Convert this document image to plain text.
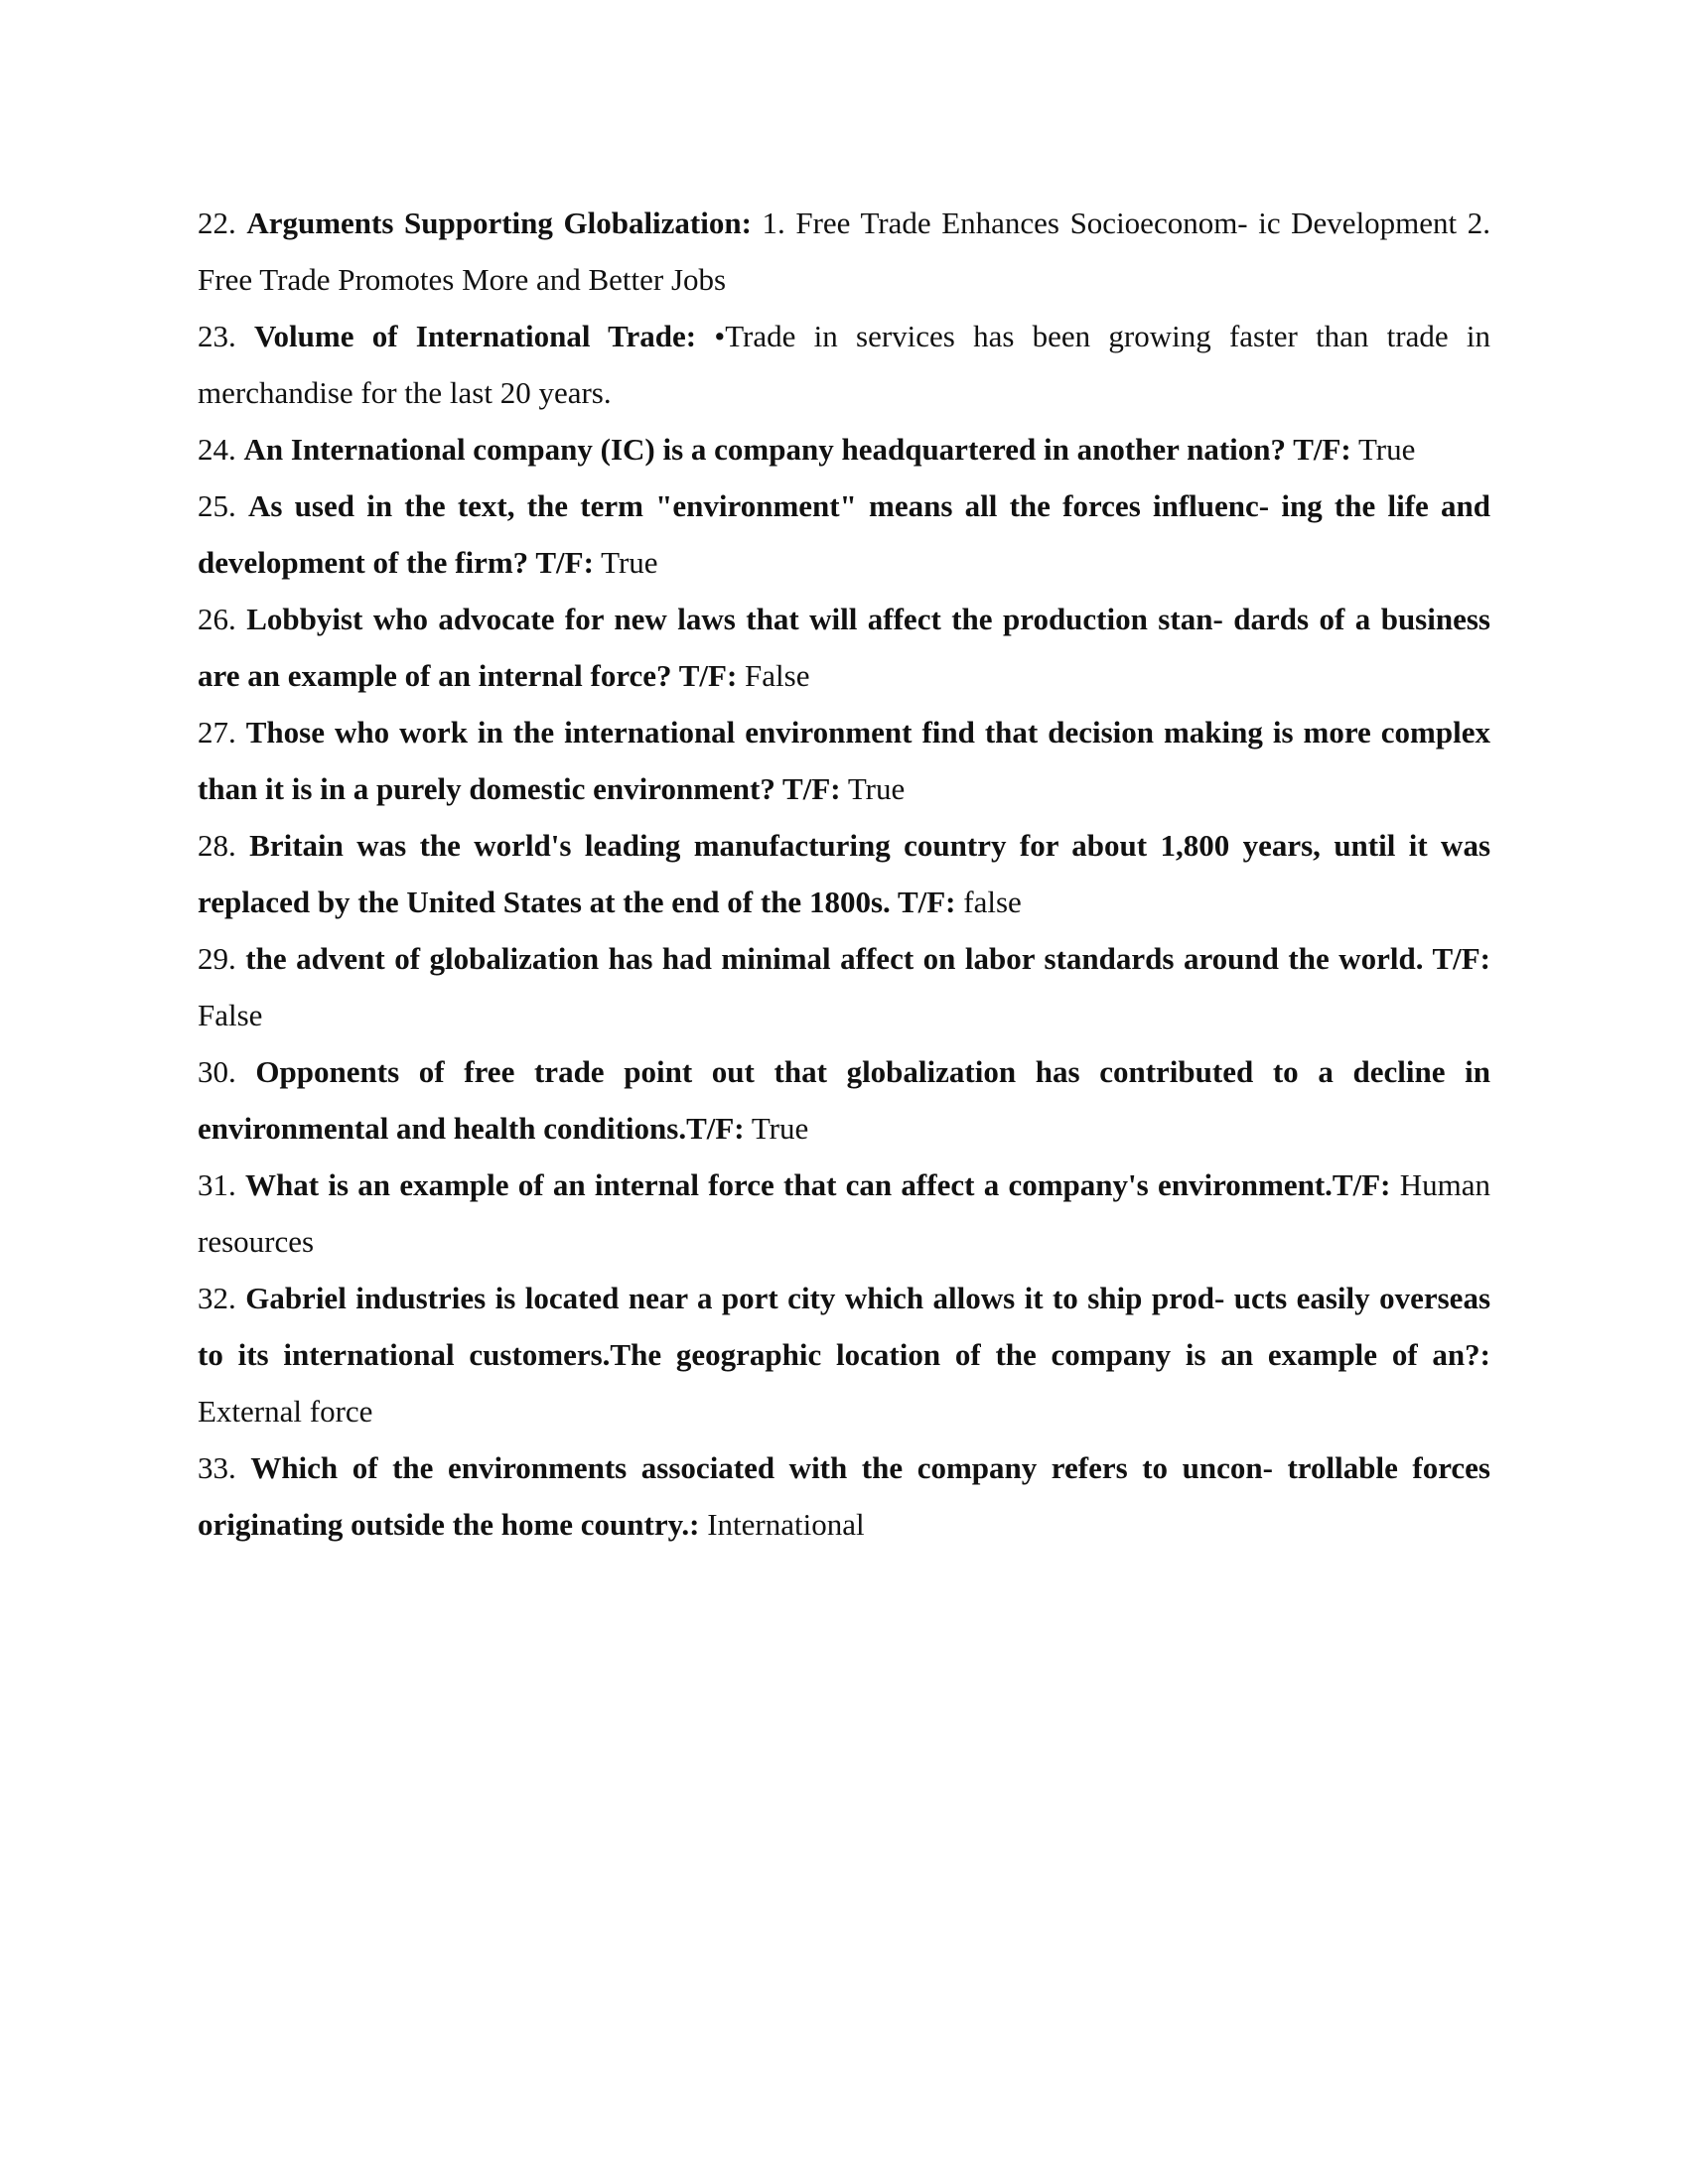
22. Arguments Supporting Globalization: 1. Free Trade Enhances Socioeconom- ic Development 2. Free Trade Promotes More and Better Jobs

23. Volume of International Trade: •Trade in services has been growing faster than trade in merchandise for the last 20 years.

24. An International company (IC) is a company headquartered in another nation? T/F: True

25. As used in the text, the term "environment" means all the forces influenc- ing the life and development of the firm? T/F: True

26. Lobbyist who advocate for new laws that will affect the production stan- dards of a business are an example of an internal force? T/F: False

27. Those who work in the international environment find that decision making is more complex than it is in a purely domestic environment? T/F: True

28. Britain was the world's leading manufacturing country for about 1,800 years, until it was replaced by the United States at the end of the 1800s. T/F: false

29. the advent of globalization has had minimal affect on labor standards around the world. T/F: False

30. Opponents of free trade point out that globalization has contributed to a decline in environmental and health conditions.T/F: True

31. What is an example of an internal force that can affect a company's environment.T/F: Human resources

32. Gabriel industries is located near a port city which allows it to ship prod- ucts easily overseas to its international customers.The geographic location of the company is an example of an?: External force

33. Which of the environments associated with the company refers to uncon- trollable forces originating outside the home country.: International
